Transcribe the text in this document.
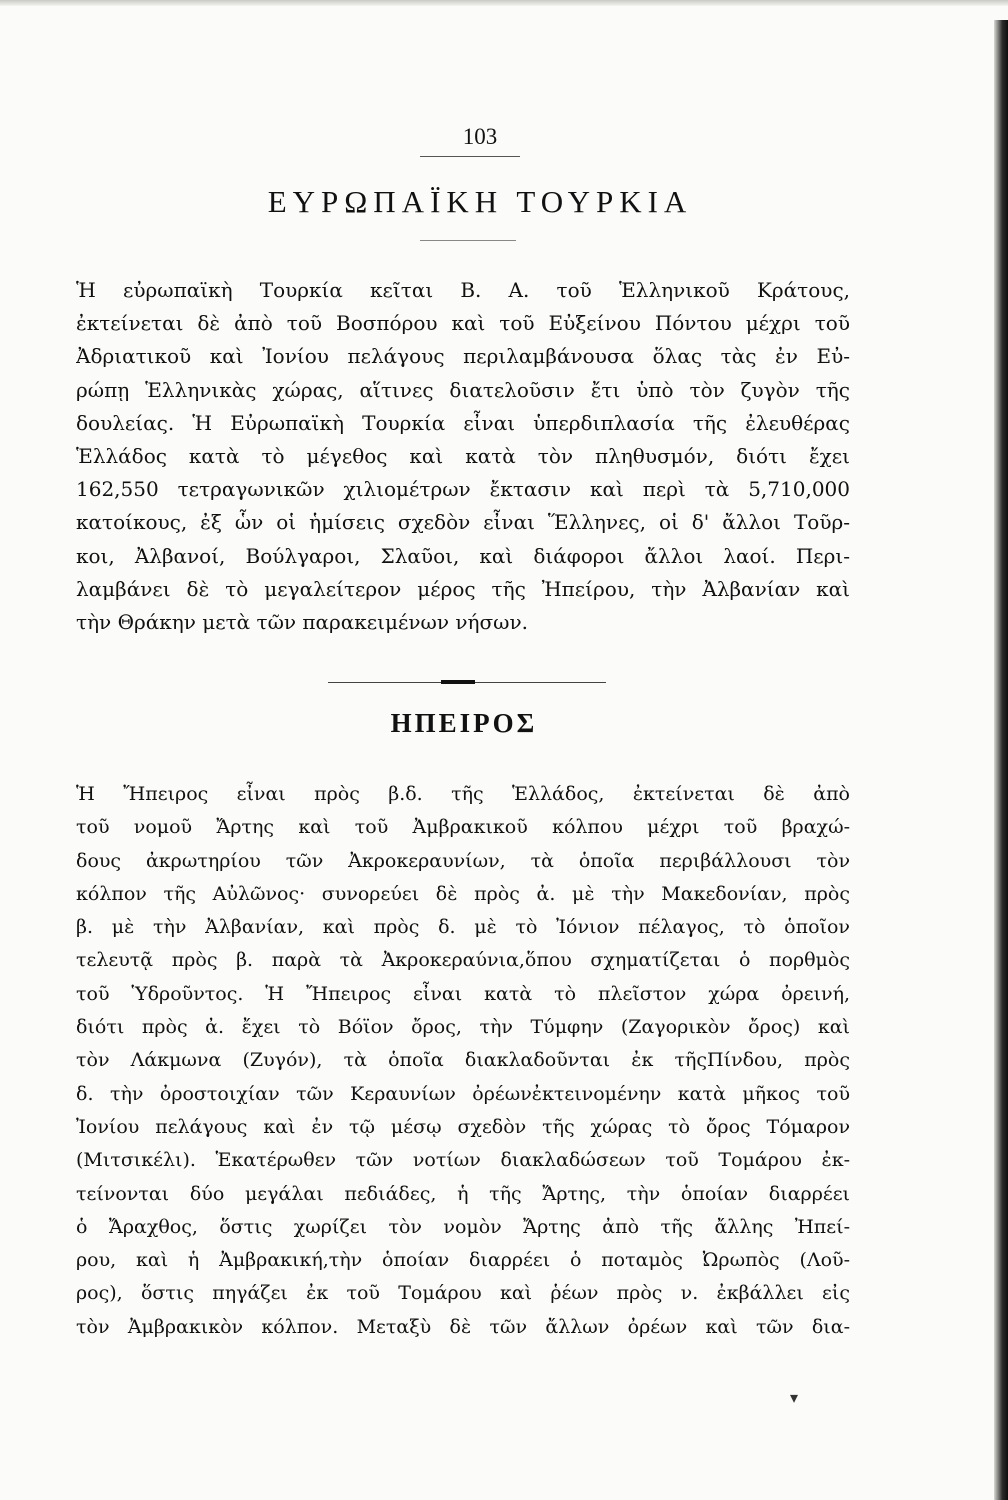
103
ΕΥΡΩΠΑΪΚΗ ΤΟΥΡΚΙΑ

Ἡ εὐρωπαϊκὴ Τουρκία κεῖται Β. Α. τοῦ Ἑλληνικοῦ Κράτους,
ἐκτείνεται δὲ ἀπὸ τοῦ Βοσπόρου καὶ τοῦ Εὐξείνου Πόντου μέχρι τοῦ
Ἀδριατικοῦ καὶ Ἰονίου πελάγους περιλαμβάνουσα ὅλας τὰς ἐν Εὐ-
ρώπῃ Ἑλληνικὰς χώρας, αἵτινες διατελοῦσιν ἔτι ὑπὸ τὸν ζυγὸν τῆς
δουλείας. Ἡ Εὐρωπαϊκὴ Τουρκία εἶναι ὑπερδιπλασία τῆς ἐλευθέρας
Ἑλλάδος κατὰ τὸ μέγεθος καὶ κατὰ τὸν πληθυσμόν, διότι ἔχει
162,550 τετραγωνικῶν χιλιομέτρων ἔκτασιν καὶ περὶ τὰ 5,710,000
κατοίκους, ἐξ ὧν οἱ ἡμίσεις σχεδὸν εἶναι Ἕλληνες, οἱ δ' ἄλλοι Τοῦρ-
κοι, Ἀλβανοί, Βούλγαροι, Σλαῦοι, καὶ διάφοροι ἄλλοι λαοί. Περι-
λαμβάνει δὲ τὸ μεγαλείτερον μέρος τῆς Ἠπείρου, τὴν Ἀλβανίαν καὶ
τὴν Θράκην μετὰ τῶν παρακειμένων νήσων.

ΗΠΕΙΡΟΣ

Ἡ Ἤπειρος εἶναι πρὸς β.δ. τῆς Ἑλλάδος, ἐκτείνεται δὲ ἀπὸ
τοῦ νομοῦ Ἄρτης καὶ τοῦ Ἀμβρακικοῦ κόλπου μέχρι τοῦ βραχώ-
δους ἀκρωτηρίου τῶν Ἀκροκεραυνίων, τὰ ὁποῖα περιβάλλουσι τὸν
κόλπον τῆς Αὐλῶνος· συνορεύει δὲ πρὸς ἀ. μὲ τὴν Μακεδονίαν, πρὸς
β. μὲ τὴν Ἀλβανίαν, καὶ πρὸς δ. μὲ τὸ Ἰόνιον πέλαγος, τὸ ὁποῖον
τελευτᾷ πρὸς β. παρὰ τὰ Ἀκροκεραύνια,ὅπου σχηματίζεται ὁ πορθμὸς
τοῦ Ὑδροῦντος. Ἡ Ἤπειρος εἶναι κατὰ τὸ πλεῖστον χώρα ὀρεινή,
διότι πρὸς ἀ. ἔχει τὸ Βόϊον ὄρος, τὴν Τύμφην (Ζαγορικὸν ὄρος) καὶ
τὸν Λάκμωνα (Ζυγόν), τὰ ὁποῖα διακλαδοῦνται ἐκ τῆςΠίνδου, πρὸς
δ. τὴν ὀροστοιχίαν τῶν Κεραυνίων ὀρέωνἐκτεινομένην κατὰ μῆκος τοῦ
Ἰονίου πελάγους καὶ ἐν τῷ μέσῳ σχεδὸν τῆς χώρας τὸ ὄρος Τόμαρον
(Μιτσικέλι). Ἑκατέρωθεν τῶν νοτίων διακλαδώσεων τοῦ Τομάρου ἐκ-
τείνονται δύο μεγάλαι πεδιάδες, ἡ τῆς Ἄρτης, τὴν ὁποίαν διαρρέει
ὁ Ἄραχθος, ὅστις χωρίζει τὸν νομὸν Ἄρτης ἀπὸ τῆς ἄλλης Ἠπεί-
ρου, καὶ ἡ Ἀμβρακική,τὴν ὁποίαν διαρρέει ὁ ποταμὸς Ὠρωπὸς (Λοῦ-
ρος), ὅστις πηγάζει ἐκ τοῦ Τομάρου καὶ ῥέων πρὸς ν. ἐκβάλλει εἰς
τὸν Ἀμβρακικὸν κόλπον. Μεταξὺ δὲ τῶν ἄλλων ὀρέων καὶ τῶν δια-

▾
